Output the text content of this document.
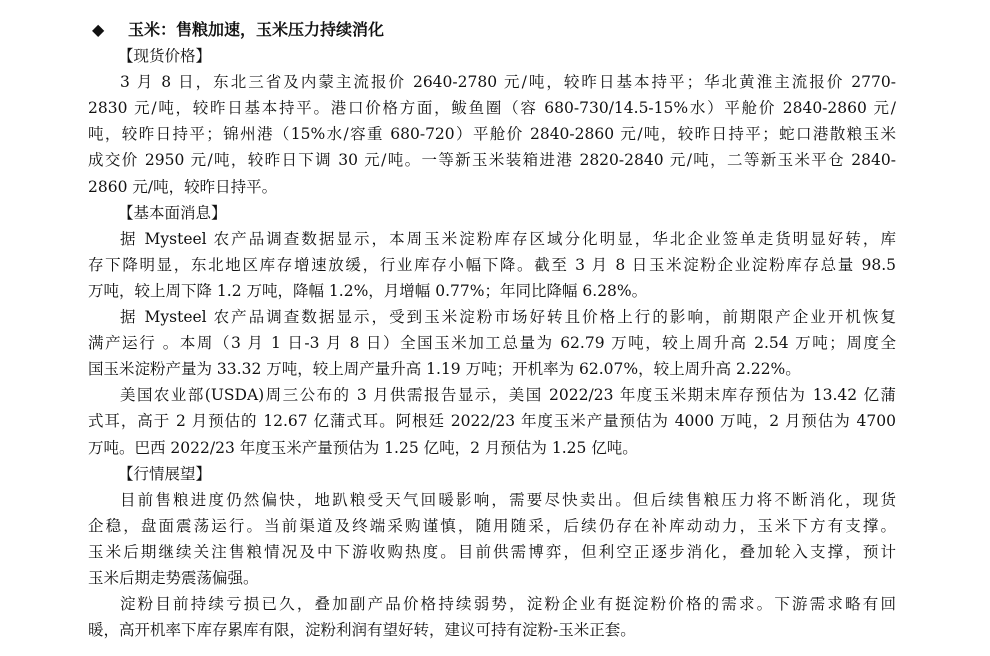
◆ 玉米：售粮加速，玉米压力持续消化
【现货价格】
3 月 8 日，东北三省及内蒙主流报价 2640-2780 元/吨，较昨日基本持平；华北黄淮主流报价 2770-
2830 元/吨，较昨日基本持平。港口价格方面，鲅鱼圈（容 680-730/14.5-15%水）平舱价 2840-2860 元/
吨，较昨日持平；锦州港（15%水/容重 680-720）平舱价 2840-2860 元/吨，较昨日持平；蛇口港散粮玉米
成交价 2950 元/吨，较昨日下调 30 元/吨。一等新玉米装箱进港 2820-2840 元/吨，二等新玉米平仓 2840-
2860 元/吨，较昨日持平。
【基本面消息】
据 Mysteel 农产品调查数据显示，本周玉米淀粉库存区域分化明显，华北企业签单走货明显好转，库
存下降明显，东北地区库存增速放缓，行业库存小幅下降。截至 3 月 8 日玉米淀粉企业淀粉库存总量 98.5
万吨，较上周下降 1.2 万吨，降幅 1.2%，月增幅 0.77%；年同比降幅 6.28%。
据 Mysteel 农产品调查数据显示，受到玉米淀粉市场好转且价格上行的影响，前期限产企业开机恢复
满产运行 。本周（3 月 1 日-3 月 8 日）全国玉米加工总量为 62.79 万吨，较上周升高 2.54 万吨；周度全
国玉米淀粉产量为 33.32 万吨，较上周产量升高 1.19 万吨；开机率为 62.07%，较上周升高 2.22%。
美国农业部(USDA)周三公布的 3 月供需报告显示，美国 2022/23 年度玉米期末库存预估为 13.42 亿蒲
式耳，高于 2 月预估的 12.67 亿蒲式耳。阿根廷 2022/23 年度玉米产量预估为 4000 万吨，2 月预估为 4700
万吨。巴西 2022/23 年度玉米产量预估为 1.25 亿吨，2 月预估为 1.25 亿吨。
【行情展望】
目前售粮进度仍然偏快，地趴粮受天气回暖影响，需要尽快卖出。但后续售粮压力将不断消化，现货
企稳，盘面震荡运行。当前渠道及终端采购谨慎，随用随采，后续仍存在补库动动力，玉米下方有支撑。
玉米后期继续关注售粮情况及中下游收购热度。目前供需博弈，但利空正逐步消化，叠加轮入支撑，预计
玉米后期走势震荡偏强。
淀粉目前持续亏损已久，叠加副产品价格持续弱势，淀粉企业有挺淀粉价格的需求。下游需求略有回
暖，高开机率下库存累库有限，淀粉利润有望好转，建议可持有淀粉-玉米正套。
